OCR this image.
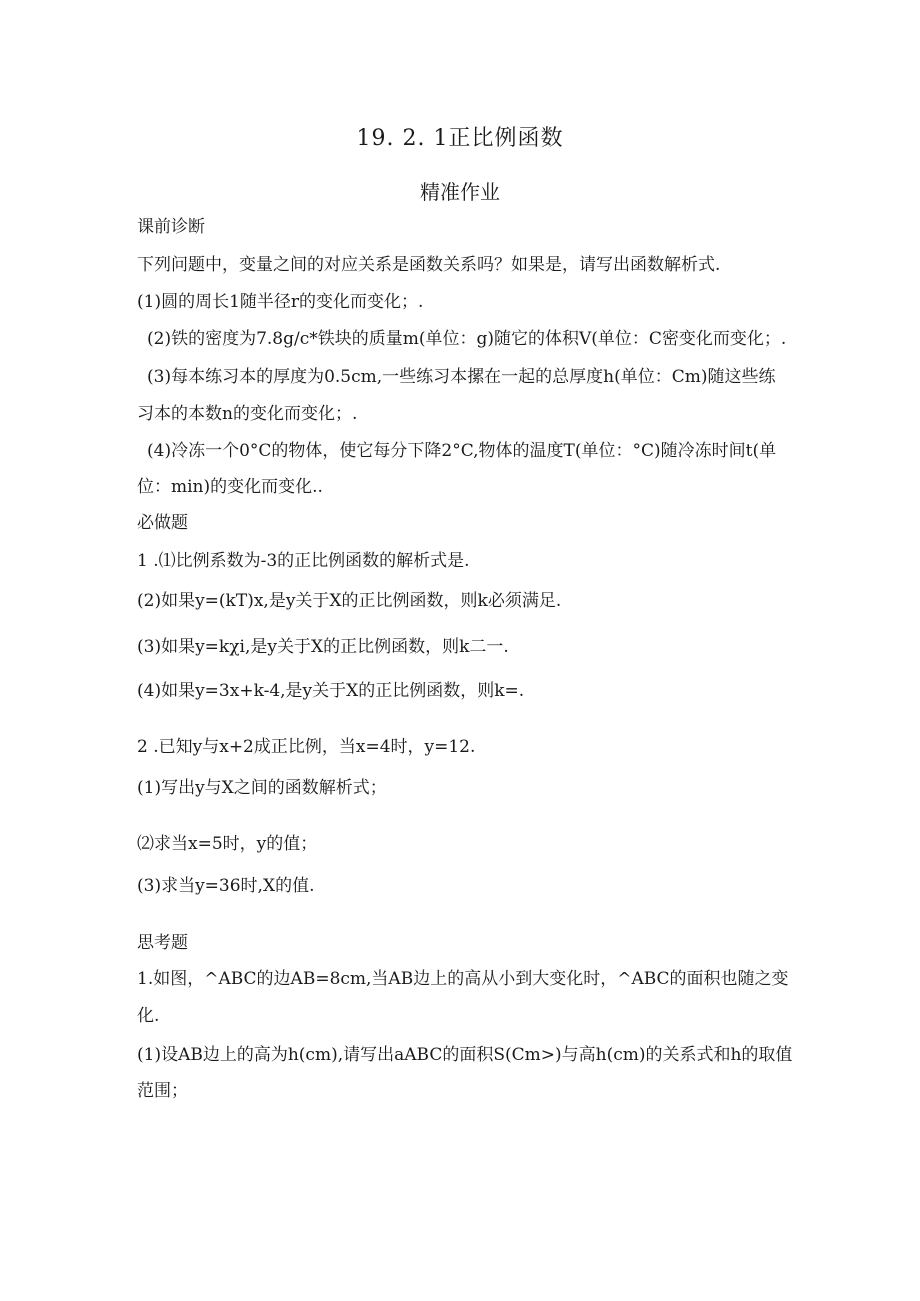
19. 2. 1正比例函数
精准作业
课前诊断
下列问题中，变量之间的对应关系是函数关系吗？如果是，请写出函数解析式.
(1)圆的周长1随半径r的变化而变化；.
(2)铁的密度为7.8g∕c*铁块的质量m(单位：g)随它的体积V(单位：C密变化而变化；.
(3)每本练习本的厚度为0.5cm,一些练习本摞在一起的总厚度h(单位：Cm)随这些练
习本的本数n的变化而变化；.
(4)冷冻一个0°C的物体，使它每分下降2°C,物体的温度T(单位：°C)随冷冻时间t(单
位：min)的变化而变化..
必做题
1 .⑴比例系数为-3的正比例函数的解析式是.
(2)如果y=(kT)x,是y关于X的正比例函数，则k必须满足.
(3)如果y=kχi,是y关于X的正比例函数，则k二一.
(4)如果y=3x+k-4,是y关于X的正比例函数，则k=.
2 .已知y与x+2成正比例，当x=4时，y=12.
(1)写出y与X之间的函数解析式；
⑵求当x=5时，y的值；
(3)求当y=36时,X的值.
思考题
1.如图，^ABC的边AB=8cm,当AB边上的高从小到大变化时，^ABC的面积也随之变
化.
(1)设AB边上的高为h(cm),请写出aABC的面积S(Cm>)与高h(cm)的关系式和h的取值
范围；
